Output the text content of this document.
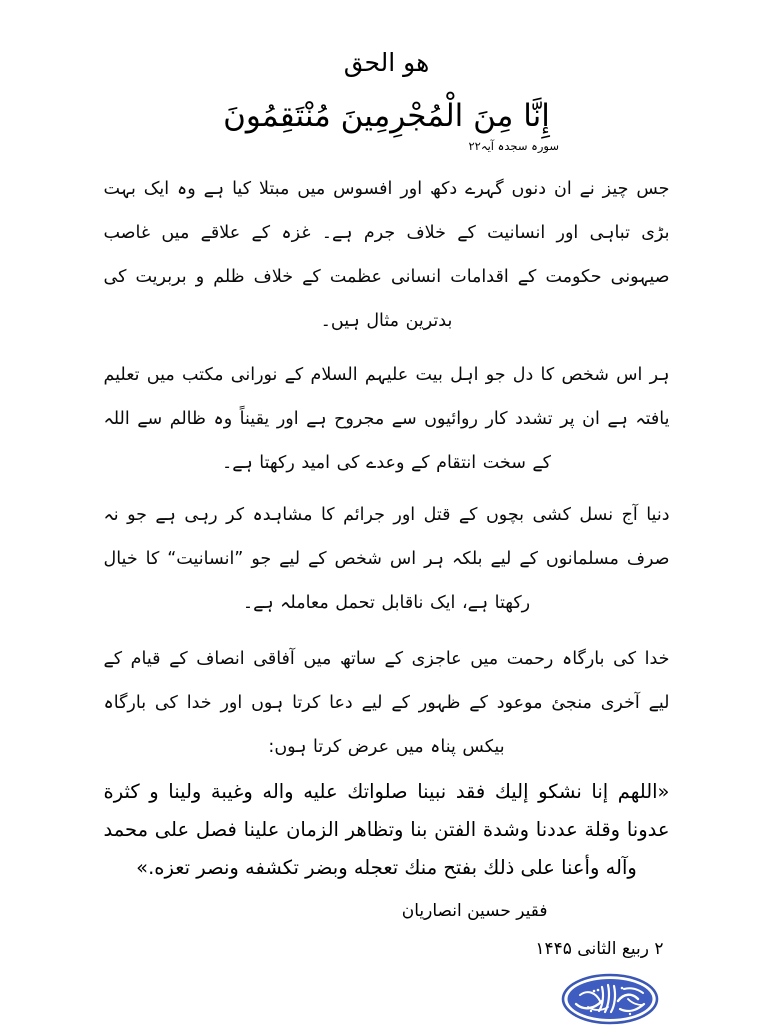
هو الحق
إِنَّا مِنَ الْمُجْرِمِينَ مُنْتَقِمُونَ
سورہ سجدہ آیہ۲۲

جس چیز نے ان دنوں گہرے دکھ اور افسوس میں مبتلا کیا ہے وہ ایک بہت بڑی تباہی اور انسانیت کے خلاف جرم ہے۔ غزہ کے علاقے میں غاصب صیہونی حکومت کے اقدامات انسانی عظمت کے خلاف ظلم و بربریت کی بدترین مثال ہیں۔

ہر اس شخص کا دل جو اہل بیت علیہم السلام کے نورانی مکتب میں تعلیم یافتہ ہے ان پر تشدد کار روائیوں سے مجروح ہے اور یقیناً وہ ظالم سے اللہ کے سخت انتقام کے وعدے کی امید رکھتا ہے۔

دنیا آج نسل کشی بچوں کے قتل اور جرائم کا مشاہدہ کر رہی ہے جو نہ صرف مسلمانوں کے لیے بلکہ ہر اس شخص کے لیے جو ”انسانیت“ کا خیال رکھتا ہے، ایک ناقابل تحمل معاملہ ہے۔

خدا کی بارگاہ رحمت میں عاجزی کے ساتھ میں آفاقی انصاف کے قیام کے لیے آخری منجئ موعود کے ظہور کے لیے دعا کرتا ہوں اور خدا کی بارگاہ بیکس پناہ میں عرض کرتا ہوں:

«اللهم إنا نشكو إليك فقد نبينا صلواتك عليه واله وغيبة ولينا و كثرة عدونا وقلة عددنا وشدة الفتن بنا وتظاهر الزمان علينا فصل على محمد وآله وأعنا على ذلك بفتح منك تعجله وبضر تكشفه ونصر تعزه.»

فقیر حسین انصاریان
۲ ربیع الثانی ۱۴۴۵
